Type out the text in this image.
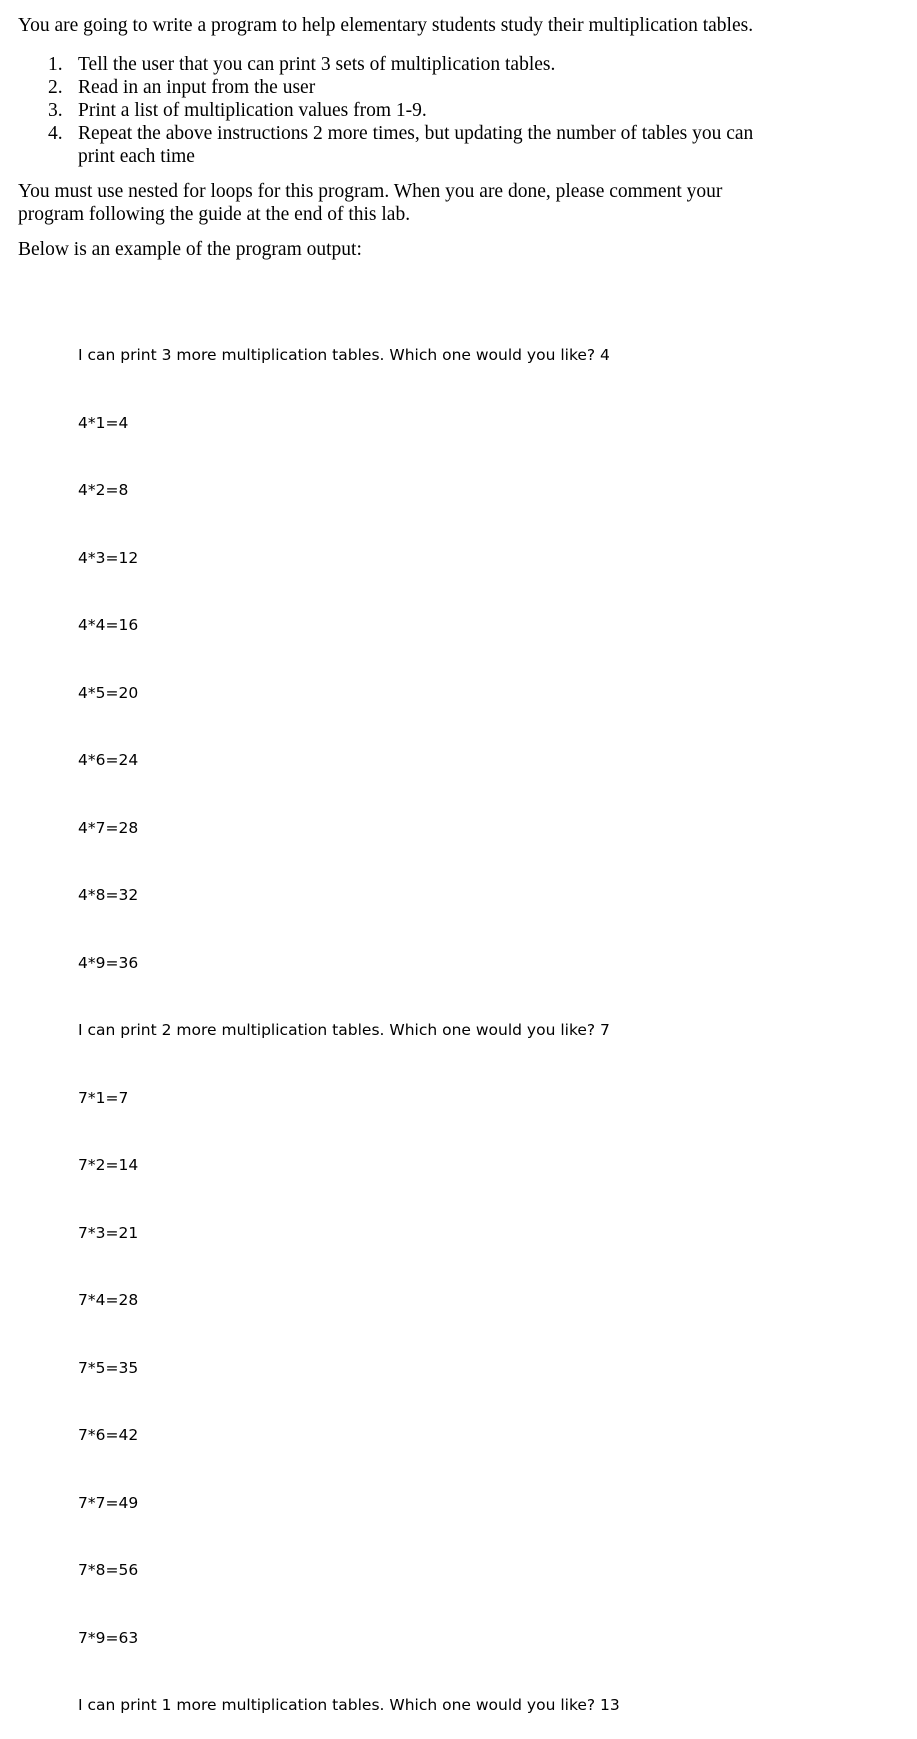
You are going to write a program to help elementary students study their multiplication tables.

1. Tell the user that you can print 3 sets of multiplication tables.
2. Read in an input from the user
3. Print a list of multiplication values from 1-9.
4. Repeat the above instructions 2 more times, but updating the number of tables you can print each time

You must use nested for loops for this program. When you are done, please comment your program following the guide at the end of this lab.

Below is an example of the program output:

I can print 3 more multiplication tables. Which one would you like? 4

4*1=4

4*2=8

4*3=12

4*4=16

4*5=20

4*6=24

4*7=28

4*8=32

4*9=36

I can print 2 more multiplication tables. Which one would you like? 7

7*1=7

7*2=14

7*3=21

7*4=28

7*5=35

7*6=42

7*7=49

7*8=56

7*9=63

I can print 1 more multiplication tables. Which one would you like? 13
